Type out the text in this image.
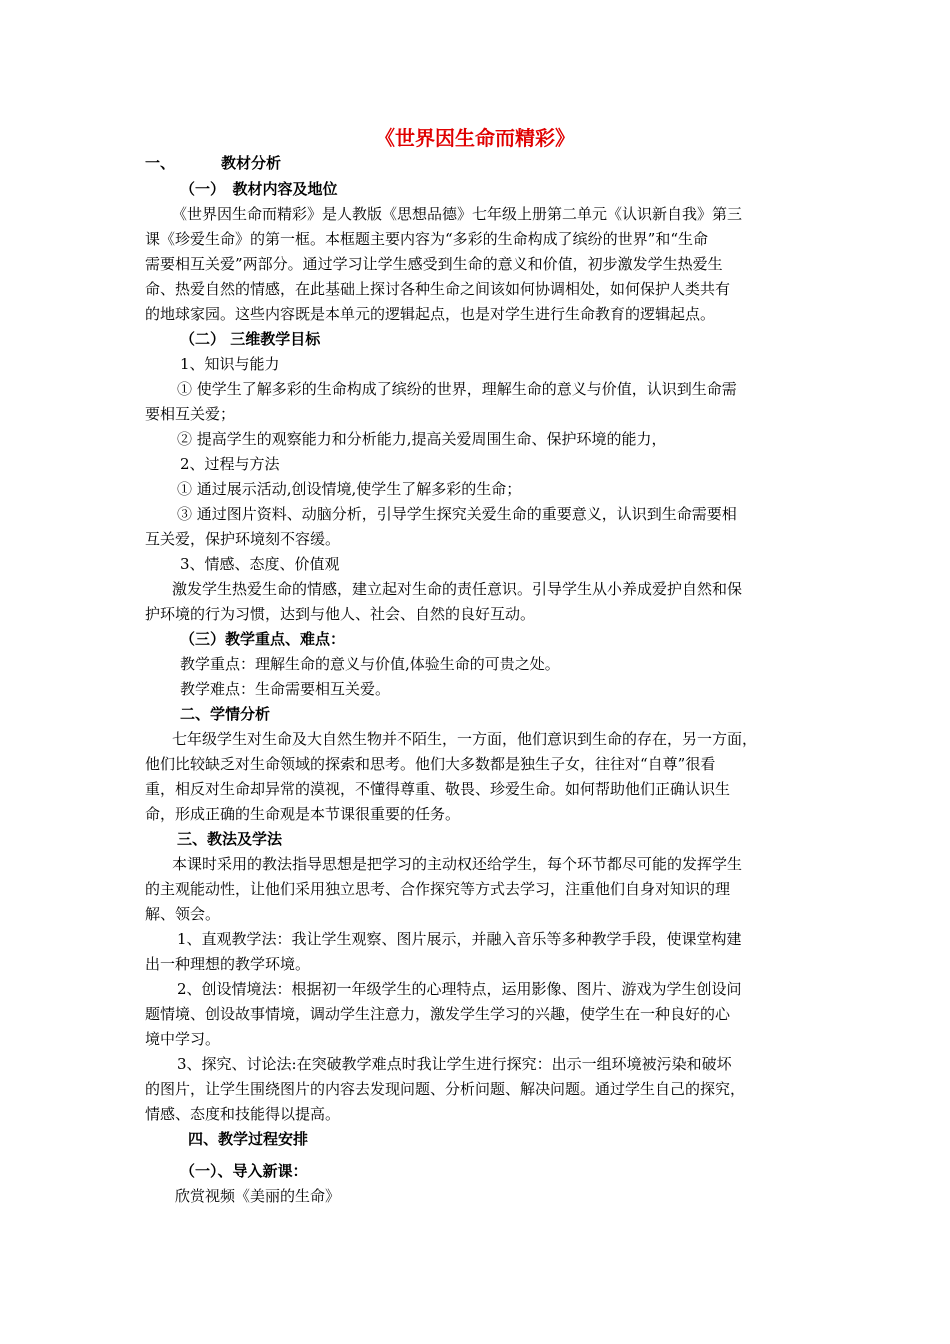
《世界因生命而精彩》
一、	教材分析
（一）　教材内容及地位
《世界因生命而精彩》是人教版《思想品德》七年级上册第二单元《认识新自我》第三
课《珍爱生命》的第一框。本框题主要内容为“多彩的生命构成了缤纷的世界”和“生命
需要相互关爱”两部分。通过学习让学生感受到生命的意义和价值，初步激发学生热爱生
命、热爱自然的情感，在此基础上探讨各种生命之间该如何协调相处，如何保护人类共有
的地球家园。这些内容既是本单元的逻辑起点，也是对学生进行生命教育的逻辑起点。
（二） 三维教学目标
1、知识与能力
① 使学生了解多彩的生命构成了缤纷的世界，理解生命的意义与价值，认识到生命需
要相互关爱；
② 提高学生的观察能力和分析能力,提高关爱周围生命、保护环境的能力，
2、过程与方法
① 通过展示活动,创设情境,使学生了解多彩的生命；
③ 通过图片资料、动脑分析，引导学生探究关爱生命的重要意义，认识到生命需要相
互关爱，保护环境刻不容缓。
3、情感、态度、价值观
激发学生热爱生命的情感，建立起对生命的责任意识。引导学生从小养成爱护自然和保
护环境的行为习惯，达到与他人、社会、自然的良好互动。
（三）教学重点、难点：
教学重点：理解生命的意义与价值,体验生命的可贵之处。
教学难点：生命需要相互关爱。
二、学情分析
七年级学生对生命及大自然生物并不陌生，一方面，他们意识到生命的存在，另一方面，
他们比较缺乏对生命领域的探索和思考。他们大多数都是独生子女，往往对“自尊”很看
重，相反对生命却异常的漠视，不懂得尊重、敬畏、珍爱生命。如何帮助他们正确认识生
命，形成正确的生命观是本节课很重要的任务。
三、教法及学法
本课时采用的教法指导思想是把学习的主动权还给学生，每个环节都尽可能的发挥学生
的主观能动性，让他们采用独立思考、合作探究等方式去学习，注重他们自身对知识的理
解、领会。
1、直观教学法：我让学生观察、图片展示，并融入音乐等多种教学手段，使课堂构建
出一种理想的教学环境。
2、创设情境法：根据初一年级学生的心理特点，运用影像、图片、游戏为学生创设问
题情境、创设故事情境，调动学生注意力，激发学生学习的兴趣，使学生在一种良好的心
境中学习。
3、探究、讨论法:在突破教学难点时我让学生进行探究：出示一组环境被污染和破坏
的图片，让学生围绕图片的内容去发现问题、分析问题、解决问题。通过学生自己的探究，
情感、态度和技能得以提高。
四、教学过程安排
（一）、导入新课：
欣赏视频《美丽的生命》
